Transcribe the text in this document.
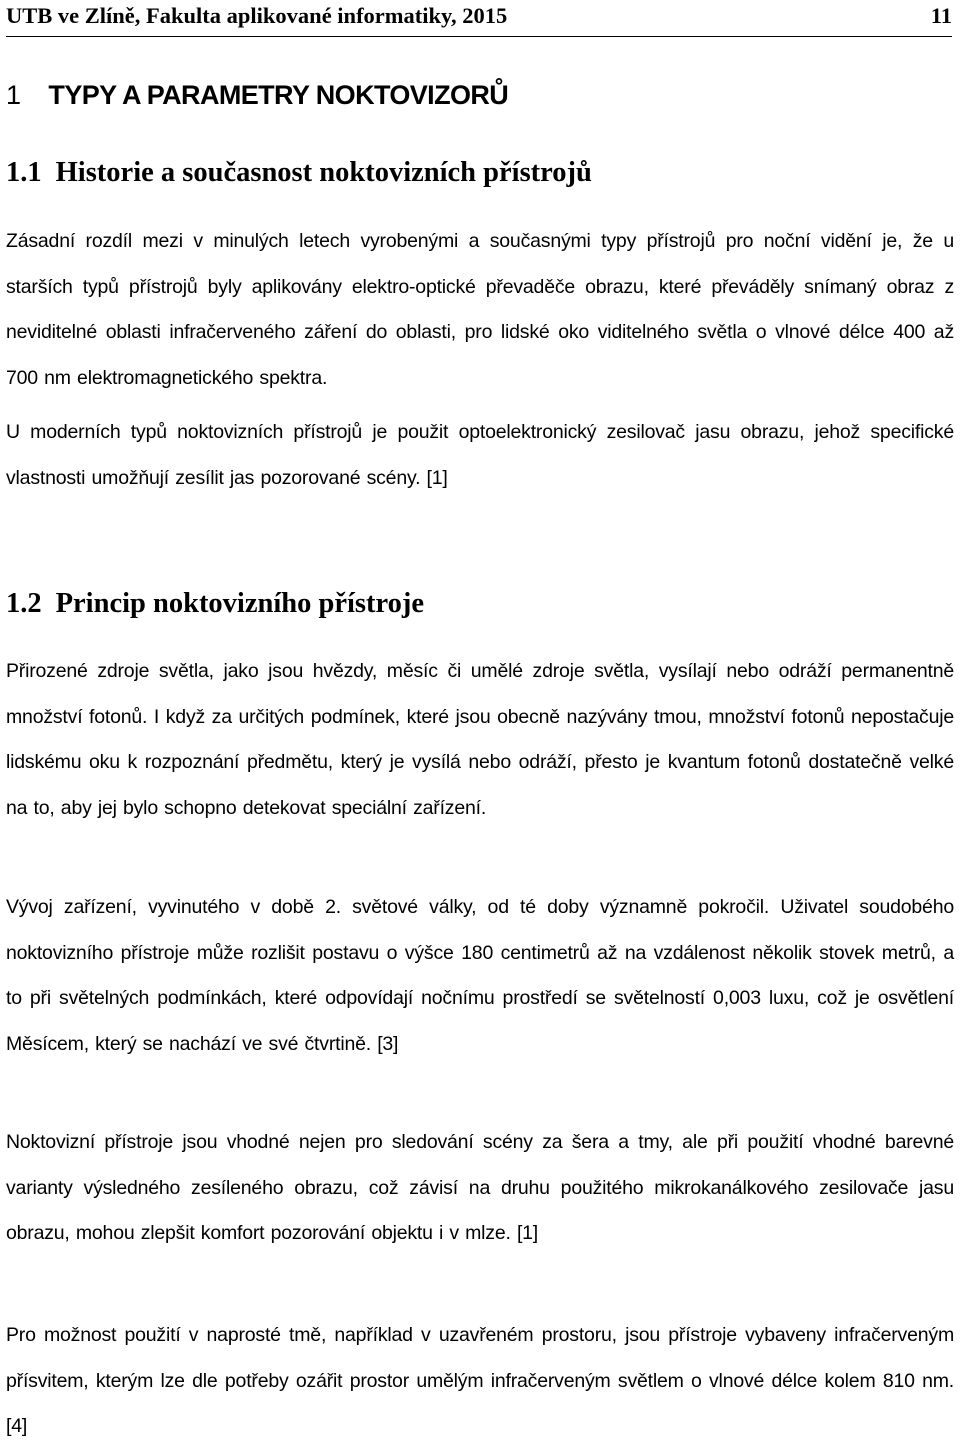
UTB ve Zlíně, Fakulta aplikované informatiky, 2015	11
1 TYPY A PARAMETRY NOKTOVIZORŮ
1.1 Historie a současnost noktovizních přístrojů
Zásadní rozdíl mezi v minulých letech vyrobenými a současnými typy přístrojů pro noční vidění je, že u starších typů přístrojů byly aplikovány elektro-optické převaděče obrazu, které převáděly snímaný obraz z neviditelné oblasti infračerveného záření do oblasti, pro lidské oko viditelného světla o vlnové délce 400 až 700 nm elektromagnetického spektra.
U moderních typů noktovizních přístrojů je použit optoelektronický zesilovač jasu obrazu, jehož specifické vlastnosti umožňují zesílit jas pozorované scény. [1]
1.2 Princip noktovizního přístroje
Přirozené zdroje světla, jako jsou hvězdy, měsíc či umělé zdroje světla, vysílají nebo odráží permanentně množství fotonů. I když za určitých podmínek, které jsou obecně nazývány tmou, množství fotonů nepostačuje lidskému oku k rozpoznání předmětu, který je vysílá nebo odráží, přesto je kvantum fotonů dostatečně velké na to, aby jej bylo schopno detekovat speciální zařízení.
Vývoj zařízení, vyvinutého v době 2. světové války, od té doby významně pokročil. Uživatel soudobého noktovizního přístroje může rozlišit postavu o výšce 180 centimetrů až na vzdálenost několik stovek metrů, a to při světelných podmínkách, které odpovídají nočnímu prostředí se světelností 0,003 luxu, což je osvětlení Měsícem, který se nachází ve své čtvrtině. [3]
Noktovizní přístroje jsou vhodné nejen pro sledování scény za šera a tmy, ale při použití vhodné barevné varianty výsledného zesíleného obrazu, což závisí na druhu použitého mikrokanálkového zesilovače jasu obrazu, mohou zlepšit komfort pozorování objektu i v mlze. [1]
Pro možnost použití v naprosté tmě, například v uzavřeném prostoru, jsou přístroje vybaveny infračerveným přísvitem, kterým lze dle potřeby ozářit prostor umělým infračerveným světlem o vlnové délce kolem 810 nm. [4]
